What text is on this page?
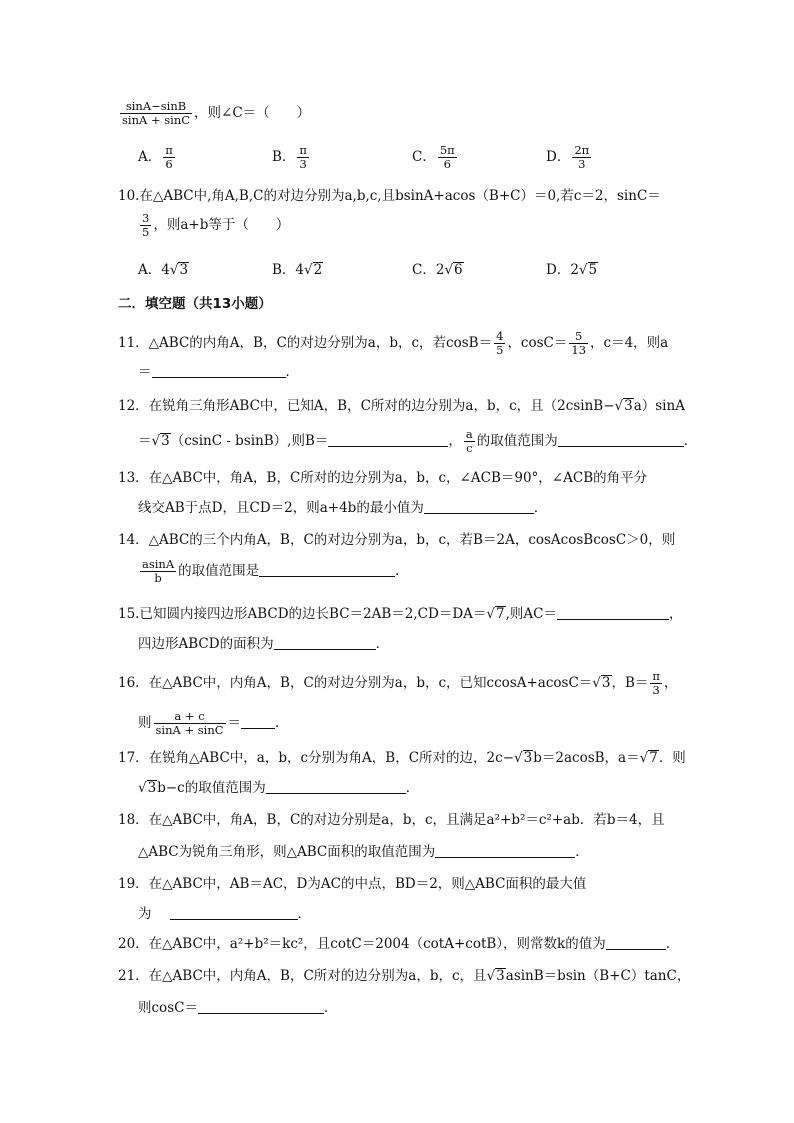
$\frac{\sin A-\sin B}{\sin A + \sin C}$ ，则∠C＝（　　）
A． $\frac{\pi}{6}$	B． $\frac{\pi}{3}$	C． $\frac{5\pi}{6}$	D． $\frac{2\pi}{3}$
10.在△ABC中,角A,B,C的对边分别为a,b,c,且bsinA+acos（B+C）＝0,若c＝2，sinC＝
$\frac{3}{5}$ ，则a+b等于（　　）
A．4√3	B．4√2	C．2√6	D．2√5
二．填空题（共13小题）
11．△ABC的内角A，B，C的对边分别为a，b，c，若$\cos B= \frac{4}{5}$ ，$\cos C= \frac{5}{13}$ ，c＝4，则a
＝	．
12．在锐角三角形ABC中，已知A，B，C所对的边分别为a，b，c，且（2csinB−√3a）sinA
＝√3（csinC - bsinB）,则B＝	， $\frac{a}{c}$ 的取值范围为	．
13．在△ABC中，角A，B，C所对的边分别为a，b，c，∠ACB＝90°，∠ACB的角平分
线交AB于点D，且CD＝2，则a+4b的最小值为	．
14．△ABC的三个内角A，B，C的对边分别为a，b，c，若B＝2A，cosAcosBcosC＞0，则
$\frac{asinA}{b}$ 的取值范围是	．
15.已知圆内接四边形ABCD的边长BC＝2AB＝2,CD＝DA＝√7,则AC＝	，
四边形ABCD的面积为	．
16．在△ABC中，内角A，B，C的对边分别为a，b，c，已知ccosA+acosC＝√3，$B= \frac{\pi}{3}$ ，
则 $\frac{a + c}{\sin A + \sin C}$ ＝	．
17．在锐角△ABC中，a，b，c分别为角A，B，C所对的边，2c−√3b＝2acosB，a＝√7．则
√3b−c的取值范围为	．
18．在△ABC中，角A，B，C的对边分别是a，b，c，且满足a²+b²＝c²+ab．若b＝4，且
△ABC为锐角三角形，则△ABC面积的取值范围为	．
19．在△ABC中，AB＝AC，D为AC的中点，BD＝2，则△ABC面积的最大值
为	．
20．在△ABC中，a²+b²＝kc²，且cotC＝2004（cotA+cotB），则常数k的值为	．
21．在△ABC中，内角A，B，C所对的边分别为a，b，c，且√3asinB＝bsin（B+C）tanC，
则cosC＝	．
